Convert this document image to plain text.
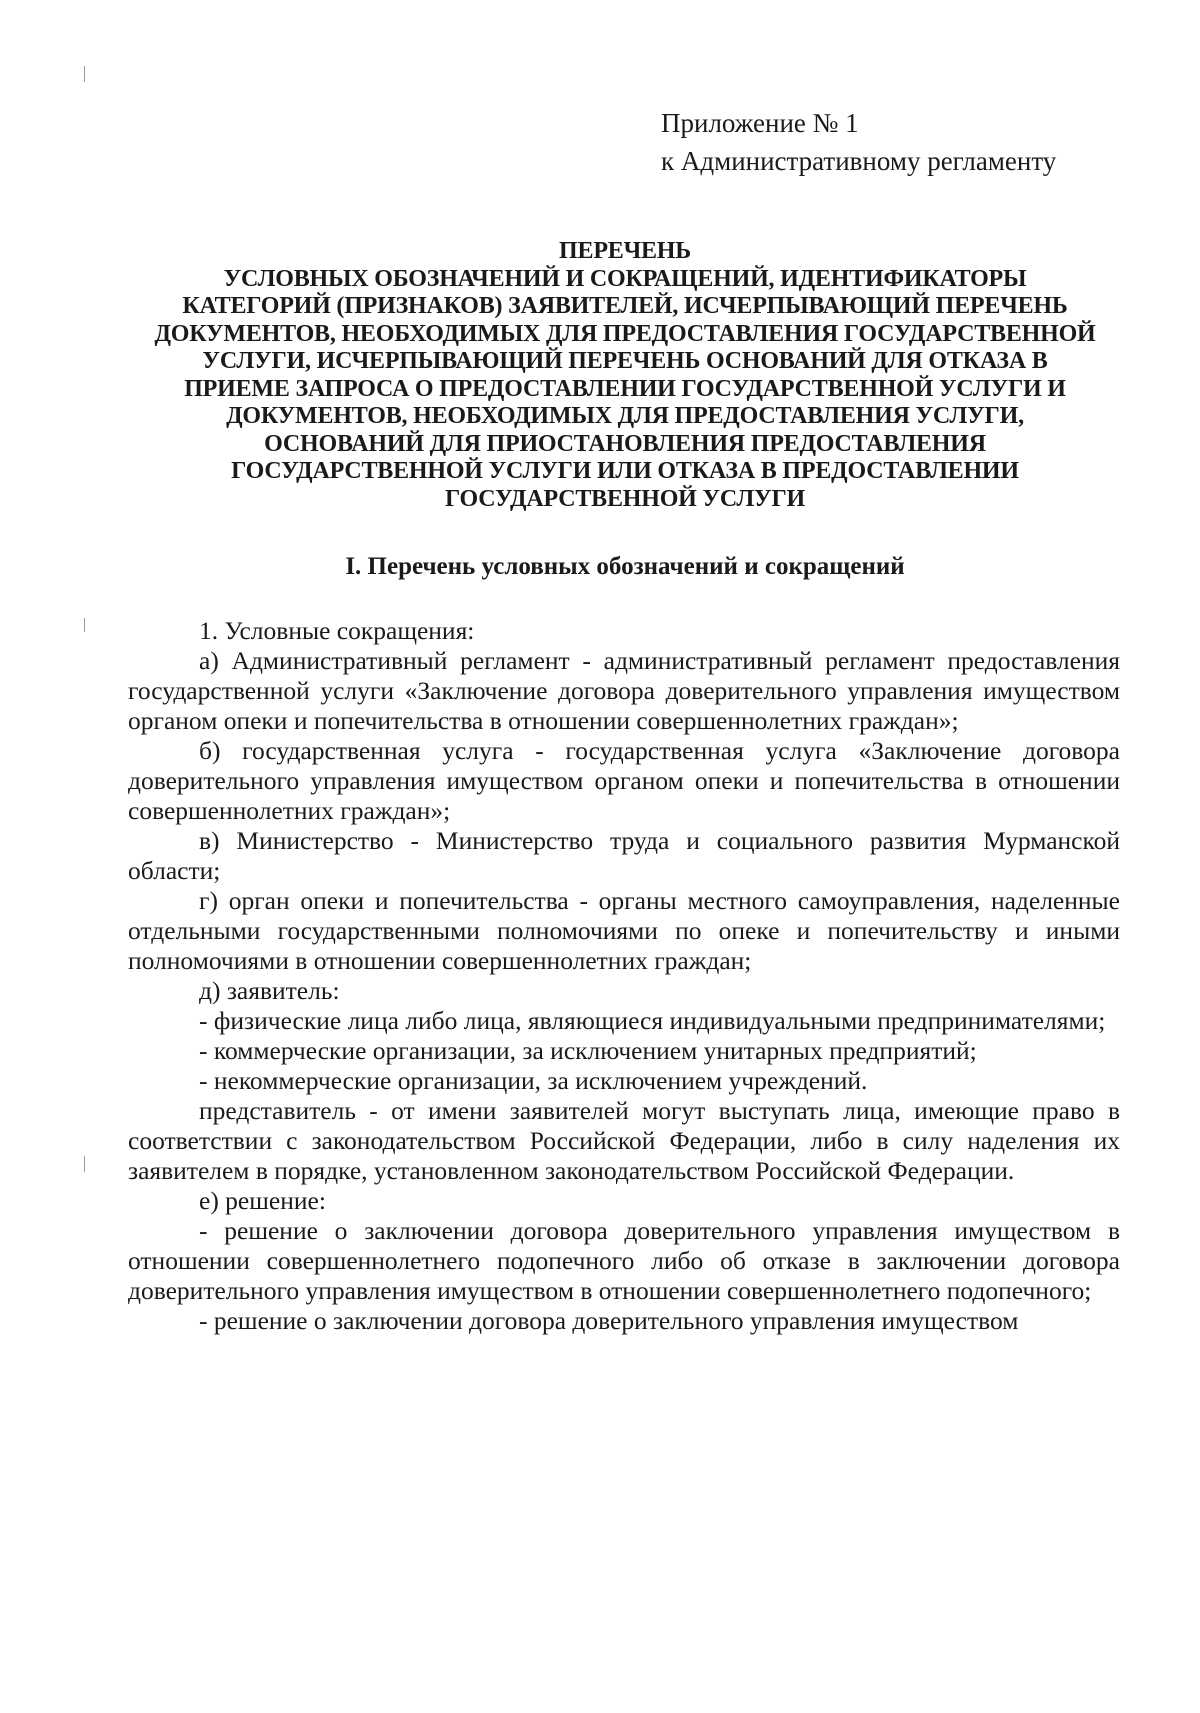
Приложение № 1
к Административному регламенту
ПЕРЕЧЕНЬ
УСЛОВНЫХ ОБОЗНАЧЕНИЙ И СОКРАЩЕНИЙ, ИДЕНТИФИКАТОРЫ
КАТЕГОРИЙ (ПРИЗНАКОВ) ЗАЯВИТЕЛЕЙ, ИСЧЕРПЫВАЮЩИЙ ПЕРЕЧЕНЬ
ДОКУМЕНТОВ, НЕОБХОДИМЫХ ДЛЯ ПРЕДОСТАВЛЕНИЯ ГОСУДАРСТВЕННОЙ
УСЛУГИ, ИСЧЕРПЫВАЮЩИЙ ПЕРЕЧЕНЬ ОСНОВАНИЙ ДЛЯ ОТКАЗА В
ПРИЕМЕ ЗАПРОСА О ПРЕДОСТАВЛЕНИИ ГОСУДАРСТВЕННОЙ УСЛУГИ И
ДОКУМЕНТОВ, НЕОБХОДИМЫХ ДЛЯ ПРЕДОСТАВЛЕНИЯ УСЛУГИ,
ОСНОВАНИЙ ДЛЯ ПРИОСТАНОВЛЕНИЯ ПРЕДОСТАВЛЕНИЯ
ГОСУДАРСТВЕННОЙ УСЛУГИ ИЛИ ОТКАЗА В ПРЕДОСТАВЛЕНИИ
ГОСУДАРСТВЕННОЙ УСЛУГИ
I. Перечень условных обозначений и сокращений

1. Условные сокращения:

а) Административный регламент - административный регламент предоставления государственной услуги «Заключение договора доверительного управления имуществом органом опеки и попечительства в отношении совершеннолетних граждан»;

б) государственная услуга - государственная услуга «Заключение договора доверительного управления имуществом органом опеки и попечительства в отношении совершеннолетних граждан»;

в) Министерство - Министерство труда и социального развития Мурманской области;

г) орган опеки и попечительства - органы местного самоуправления, наделенные отдельными государственными полномочиями по опеке и попечительству и иными полномочиями в отношении совершеннолетних граждан;

д) заявитель:

- физические лица либо лица, являющиеся индивидуальными предпринимателями;

- коммерческие организации, за исключением унитарных предприятий;

- некоммерческие организации, за исключением учреждений.

представитель - от имени заявителей могут выступать лица, имеющие право в соответствии с законодательством Российской Федерации, либо в силу наделения их заявителем в порядке, установленном законодательством Российской Федерации.

е) решение:

- решение о заключении договора доверительного управления имуществом в отношении совершеннолетнего подопечного либо об отказе в заключении договора доверительного управления имуществом в отношении совершеннолетнего подопечного;

- решение о заключении договора доверительного управления имуществом
